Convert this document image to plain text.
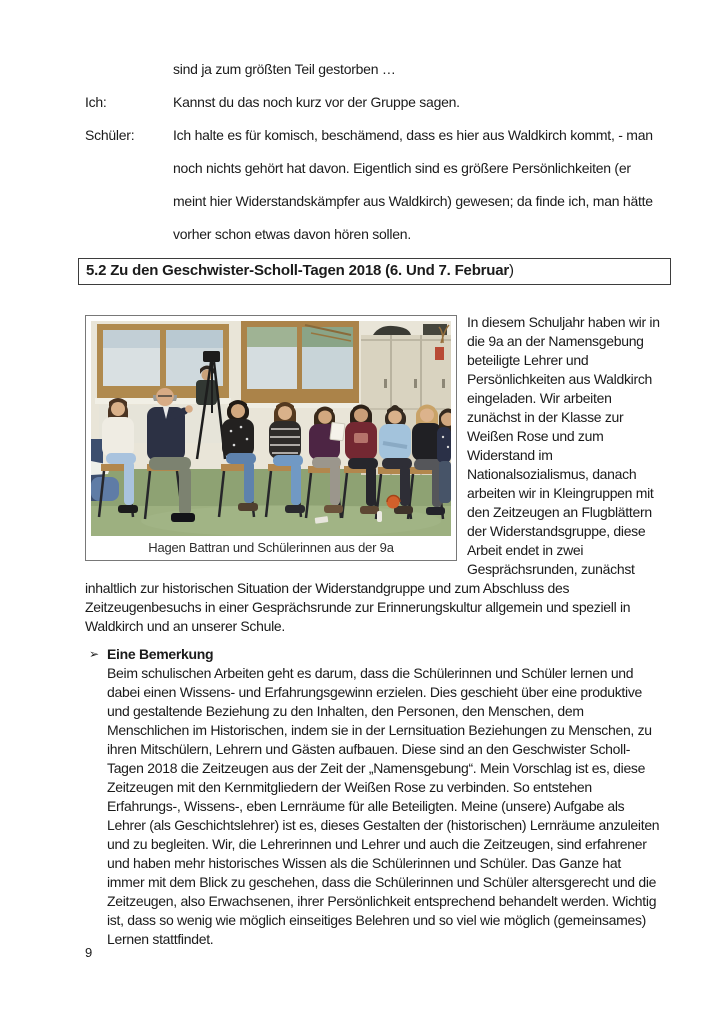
sind ja zum größten Teil gestorben …
Ich:	Kannst du das noch kurz vor der Gruppe sagen.
Schüler:	Ich halte es für komisch, beschämend, dass es hier aus Waldkirch kommt, - man noch nichts gehört hat davon. Eigentlich sind es größere Persönlichkeiten (er meint hier Widerstandskämpfer aus Waldkirch) gewesen; da finde ich, man hätte vorher schon etwas davon hören sollen.
5.2 Zu den Geschwister-Scholl-Tagen 2018 (6. Und 7. Februar)
Hagen Battran und Schülerinnen aus der 9a

In diesem Schuljahr haben wir in die 9a an der Namensgebung beteiligte Lehrer und Persönlichkeiten aus Waldkirch eingeladen. Wir arbeiten zunächst in der Klasse zur Weißen Rose und zum Widerstand im Nationalsozialismus, danach arbeiten wir in Kleingruppen mit den Zeitzeugen an Flugblättern der Widerstandsgruppe, diese Arbeit endet in zwei Gesprächsrunden, zunächst inhaltlich zur historischen Situation der Widerstandgruppe und zum Abschluss des Zeitzeugenbesuchs in einer Gesprächsrunde zur Erinnerungskultur allgemein und speziell in Waldkirch und an unserer Schule.

➢ Eine Bemerkung

Beim schulischen Arbeiten geht es darum, dass die Schülerinnen und Schüler lernen und dabei einen Wissens- und Erfahrungsgewinn erzielen. Dies geschieht über eine produktive und gestaltende Beziehung zu den Inhalten, den Personen, den Menschen, dem Menschlichen im Historischen, indem sie in der Lernsituation Beziehungen zu Menschen, zu ihren Mitschülern, Lehrern und Gästen aufbauen. Diese sind an den Geschwister Scholl-Tagen 2018 die Zeitzeugen aus der Zeit der „Namensgebung“. Mein Vorschlag ist es, diese Zeitzeugen mit den Kernmitgliedern der Weißen Rose zu verbinden. So entstehen Erfahrungs-, Wissens-, eben Lernräume für alle Beteiligten. Meine (unsere) Aufgabe als Lehrer (als Geschichtslehrer) ist es, dieses Gestalten der (historischen) Lernräume anzuleiten und zu begleiten. Wir, die Lehrerinnen und Lehrer und auch die Zeitzeugen, sind erfahrener und haben mehr historisches Wissen als die Schülerinnen und Schüler. Das Ganze hat immer mit dem Blick zu geschehen, dass die Schülerinnen und Schüler altersgerecht und die Zeitzeugen, also Erwachsenen, ihrer Persönlichkeit entsprechend behandelt werden. Wichtig ist, dass so wenig wie möglich einseitiges Belehren und so viel wie möglich (gemeinsames) Lernen stattfindet.

9
